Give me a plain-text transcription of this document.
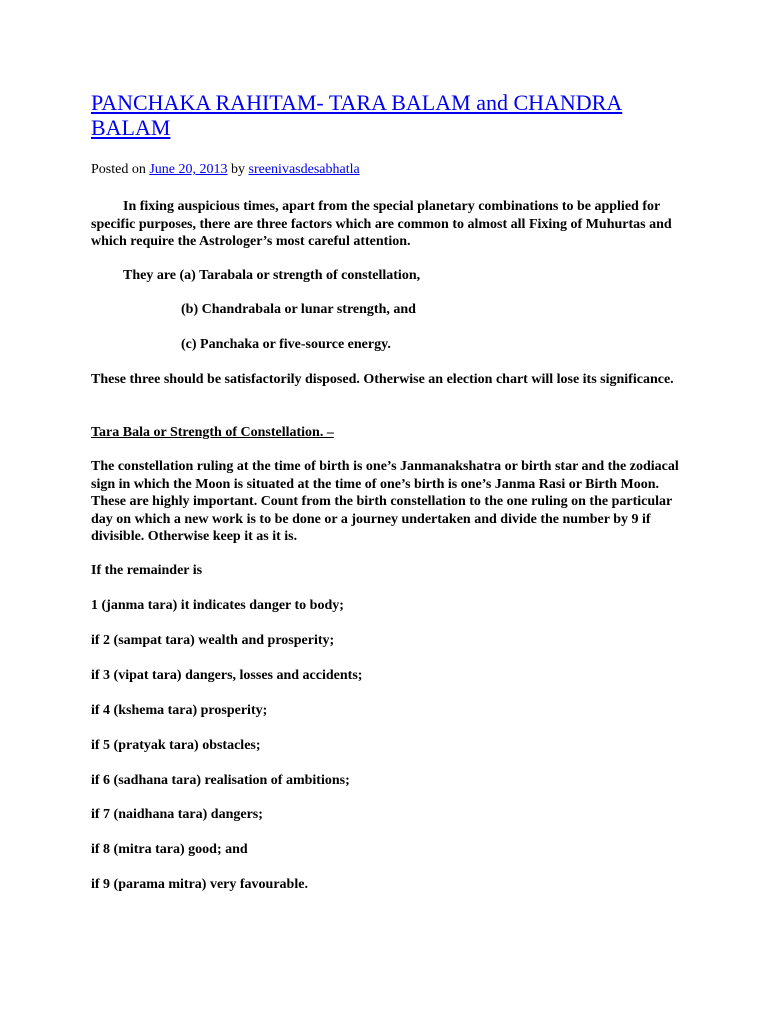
PANCHAKA RAHITAM- TARA BALAM and CHANDRA BALAM
Posted on June 20, 2013 by sreenivasdesabhatla

In fixing auspicious times, apart from the special planetary combinations to be applied for specific purposes, there are three factors which are common to almost all Fixing of Muhurtas and which require the Astrologer’s most careful attention.

They are (a) Tarabala or strength of constellation,

(b) Chandrabala or lunar strength, and

(c) Panchaka or five-source energy.

These three should be satisfactorily disposed. Otherwise an election chart will lose its significance.

Tara Bala or Strength of Constellation. –

The constellation ruling at the time of birth is one’s Janmanakshatra or birth star and the zodiacal sign in which the Moon is situated at the time of one’s birth is one’s Janma Rasi or Birth Moon. These are highly important. Count from the birth constellation to the one ruling on the particular day on which a new work is to be done or a journey undertaken and divide the number by 9 if divisible. Otherwise keep it as it is.

If the remainder is

1 (janma tara) it indicates danger to body;

if 2 (sampat tara) wealth and prosperity;

if 3 (vipat tara) dangers, losses and accidents;

if 4 (kshema tara) prosperity;

if 5 (pratyak tara) obstacles;

if 6 (sadhana tara) realisation of ambitions;

if 7 (naidhana tara) dangers;

if 8 (mitra tara) good; and

if 9 (parama mitra) very favourable.
